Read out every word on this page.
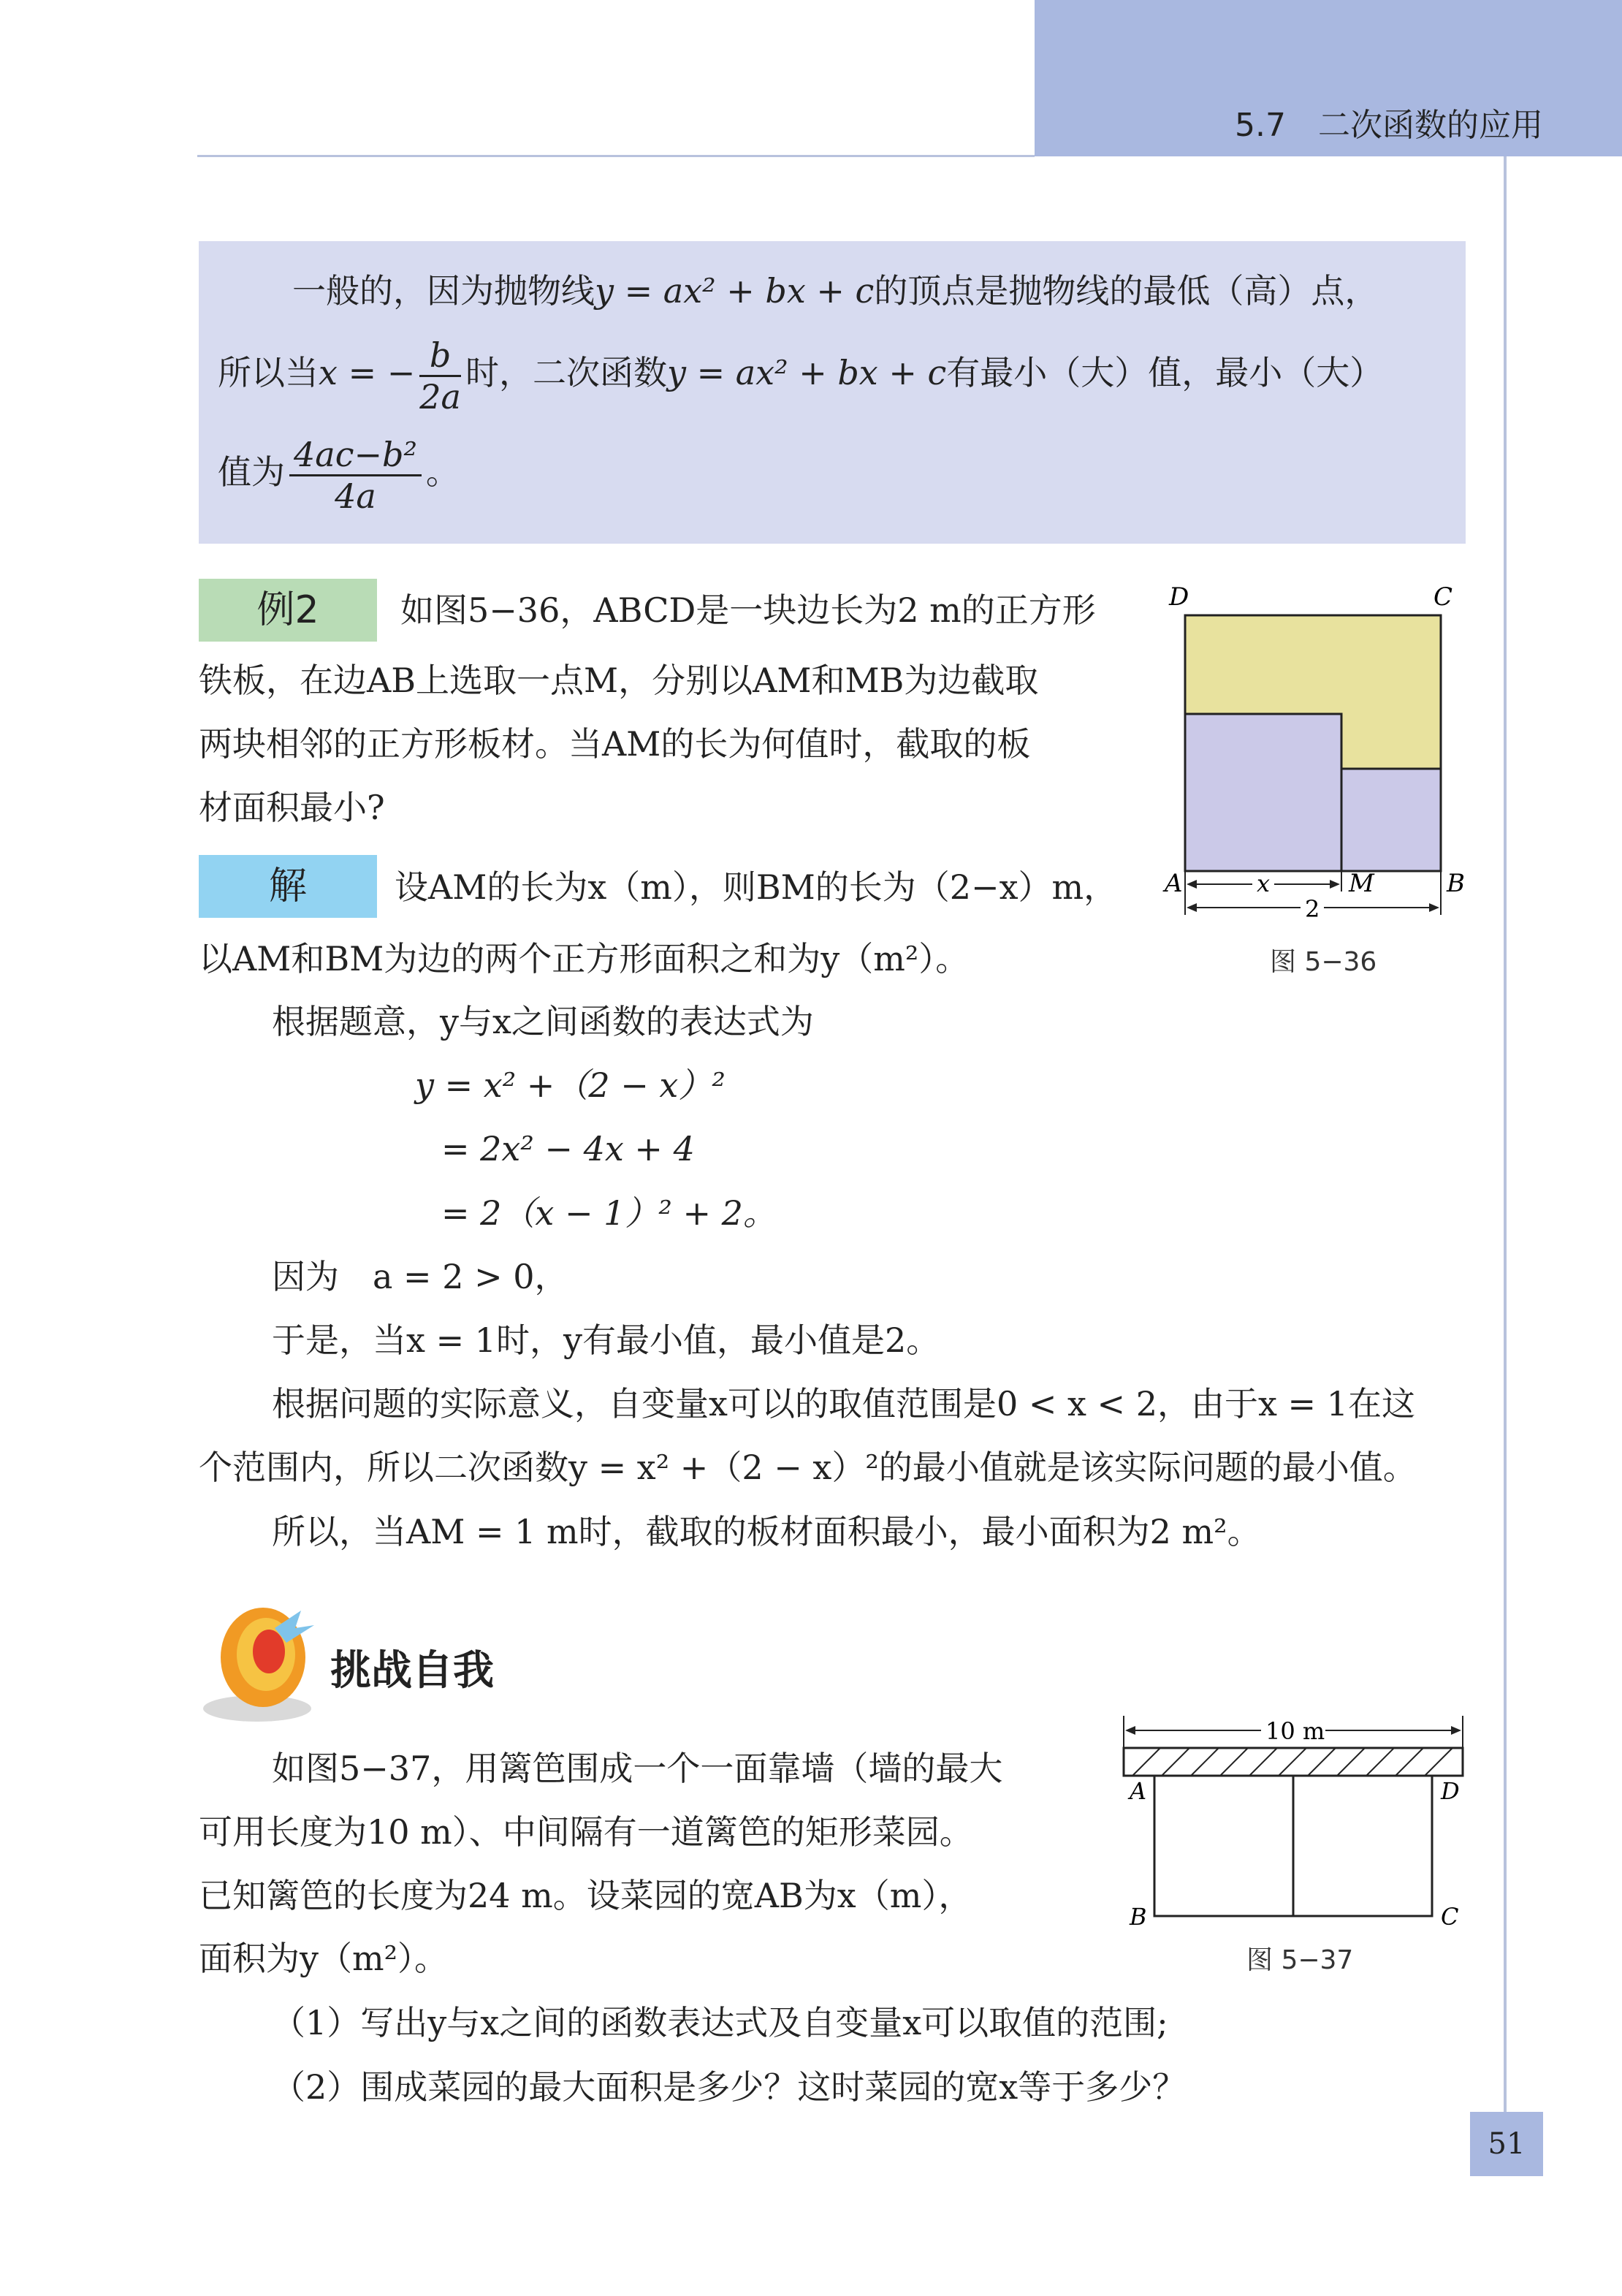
5.7　二次函数的应用
一般的，因为抛物线y = ax² + bx + c的顶点是抛物线的最低（高）点，
所以当x = − $\frac{b}{2a}$ 时，二次函数y = ax² + bx + c有最小（大）值，最小（大）
值为 $\frac{\text{4ac−b²}}{4a}$ 。
例2	如图5−36，ABCD是一块边长为2 m的正方形
铁板，在边AB上选取一点M，分别以AM和MB为边截取
两块相邻的正方形板材。当AM的长为何值时，截取的板
材面积最小?
D	C
A	B
M
x
2
图 5−36
解	设AM的长为x（m），则BM的长为（2−x）m，
以AM和BM为边的两个正方形面积之和为y（m²）。
根据题意，y与x之间函数的表达式为
y = x² +（2 − x）²
= 2x² − 4x + 4
= 2（x − 1）² + 2。
因为　a = 2 > 0，
于是，当x = 1时，y有最小值，最小值是2。
根据问题的实际意义，自变量x可以的取值范围是0 < x < 2，由于x = 1在这
个范围内，所以二次函数y = x² +（2 − x）²的最小值就是该实际问题的最小值。
所以，当AM = 1 m时，截取的板材面积最小，最小面积为2 m²。
挑战自我
如图5−37，用篱笆围成一个一面靠墙（墙的最大
可用长度为10 m）、中间隔有一道篱笆的矩形菜园。
已知篱笆的长度为24 m。设菜园的宽AB为x（m），
面积为y（m²）。
（1）写出y与x之间的函数表达式及自变量x可以取值的范围;
（2）围成菜园的最大面积是多少？这时菜园的宽x等于多少？
10 m
A	D
B	C
图 5−37
51
